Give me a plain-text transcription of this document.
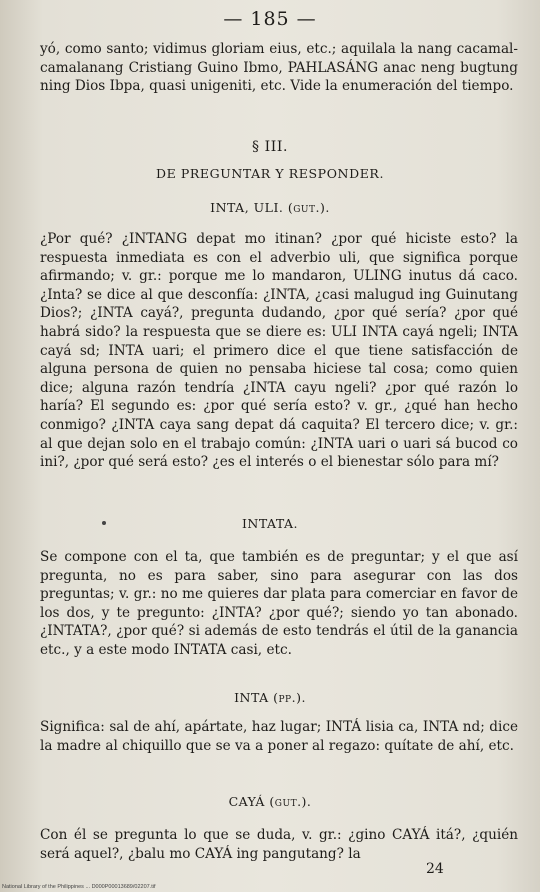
— 185 —

yó, como santo; vidimus gloriam eius, etc.; aquilala la nang cacamal-camalanang Cristiang Guino Ibmo, PAHLASÁNG anac neng bugtung ning Dios Ibpa, quasi unigeniti, etc. Vide la enumeración del tiempo.

§ III.
DE PREGUNTAR Y RESPONDER.
INTA, ULI. (gut.).

¿Por qué? ¿INTANG depat mo itinan? ¿por qué hiciste esto? la respuesta inmediata es con el adverbio uli, que significa porque afirmando; v. gr.: porque me lo mandaron, ULING inutus dá caco. ¿Inta? se dice al que desconfía: ¿INTA, ¿casi malugud ing Guinutang Dios?; ¿INTA cayá?, pregunta dudando, ¿por qué sería? ¿por qué habrá sido? la respuesta que se diere es: ULI INTA cayá ngeli; INTA cayá sd; INTA uari; el primero dice el que tiene satisfacción de alguna persona de quien no pensaba hiciese tal cosa; como quien dice; alguna razón tendría ¿INTA cayu ngeli? ¿por qué razón lo haría? El segundo es: ¿por qué sería esto? v. gr., ¿qué han hecho conmigo? ¿INTA caya sang depat dá caquita? El tercero dice; v. gr.: al que dejan solo en el trabajo común: ¿INTA uari o uari sá bucod co ini?, ¿por qué será esto? ¿es el interés o el bienestar sólo para mí?

INTATA.

Se compone con el ta, que también es de preguntar; y el que así pregunta, no es para saber, sino para asegurar con las dos preguntas; v. gr.: no me quieres dar plata para comerciar en favor de los dos, y te pregunto: ¿INTA? ¿por qué?; siendo yo tan abonado. ¿INTATA?, ¿por qué? si además de esto tendrás el útil de la ganancia etc., y a este modo INTATA casi, etc.

INTA (pp.).

Significa: sal de ahí, apártate, haz lugar; INTÁ lisia ca, INTA nd; dice la madre al chiquillo que se va a poner al regazo: quítate de ahí, etc.

CAYÁ (gut.).

Con él se pregunta lo que se duda, v. gr.: ¿gino CAYÁ itá?, ¿quién será aquel?, ¿balu mo CAYÁ ing pangutang? la

24
National Library of the Philippines ... D000P00013689/02207.tif
